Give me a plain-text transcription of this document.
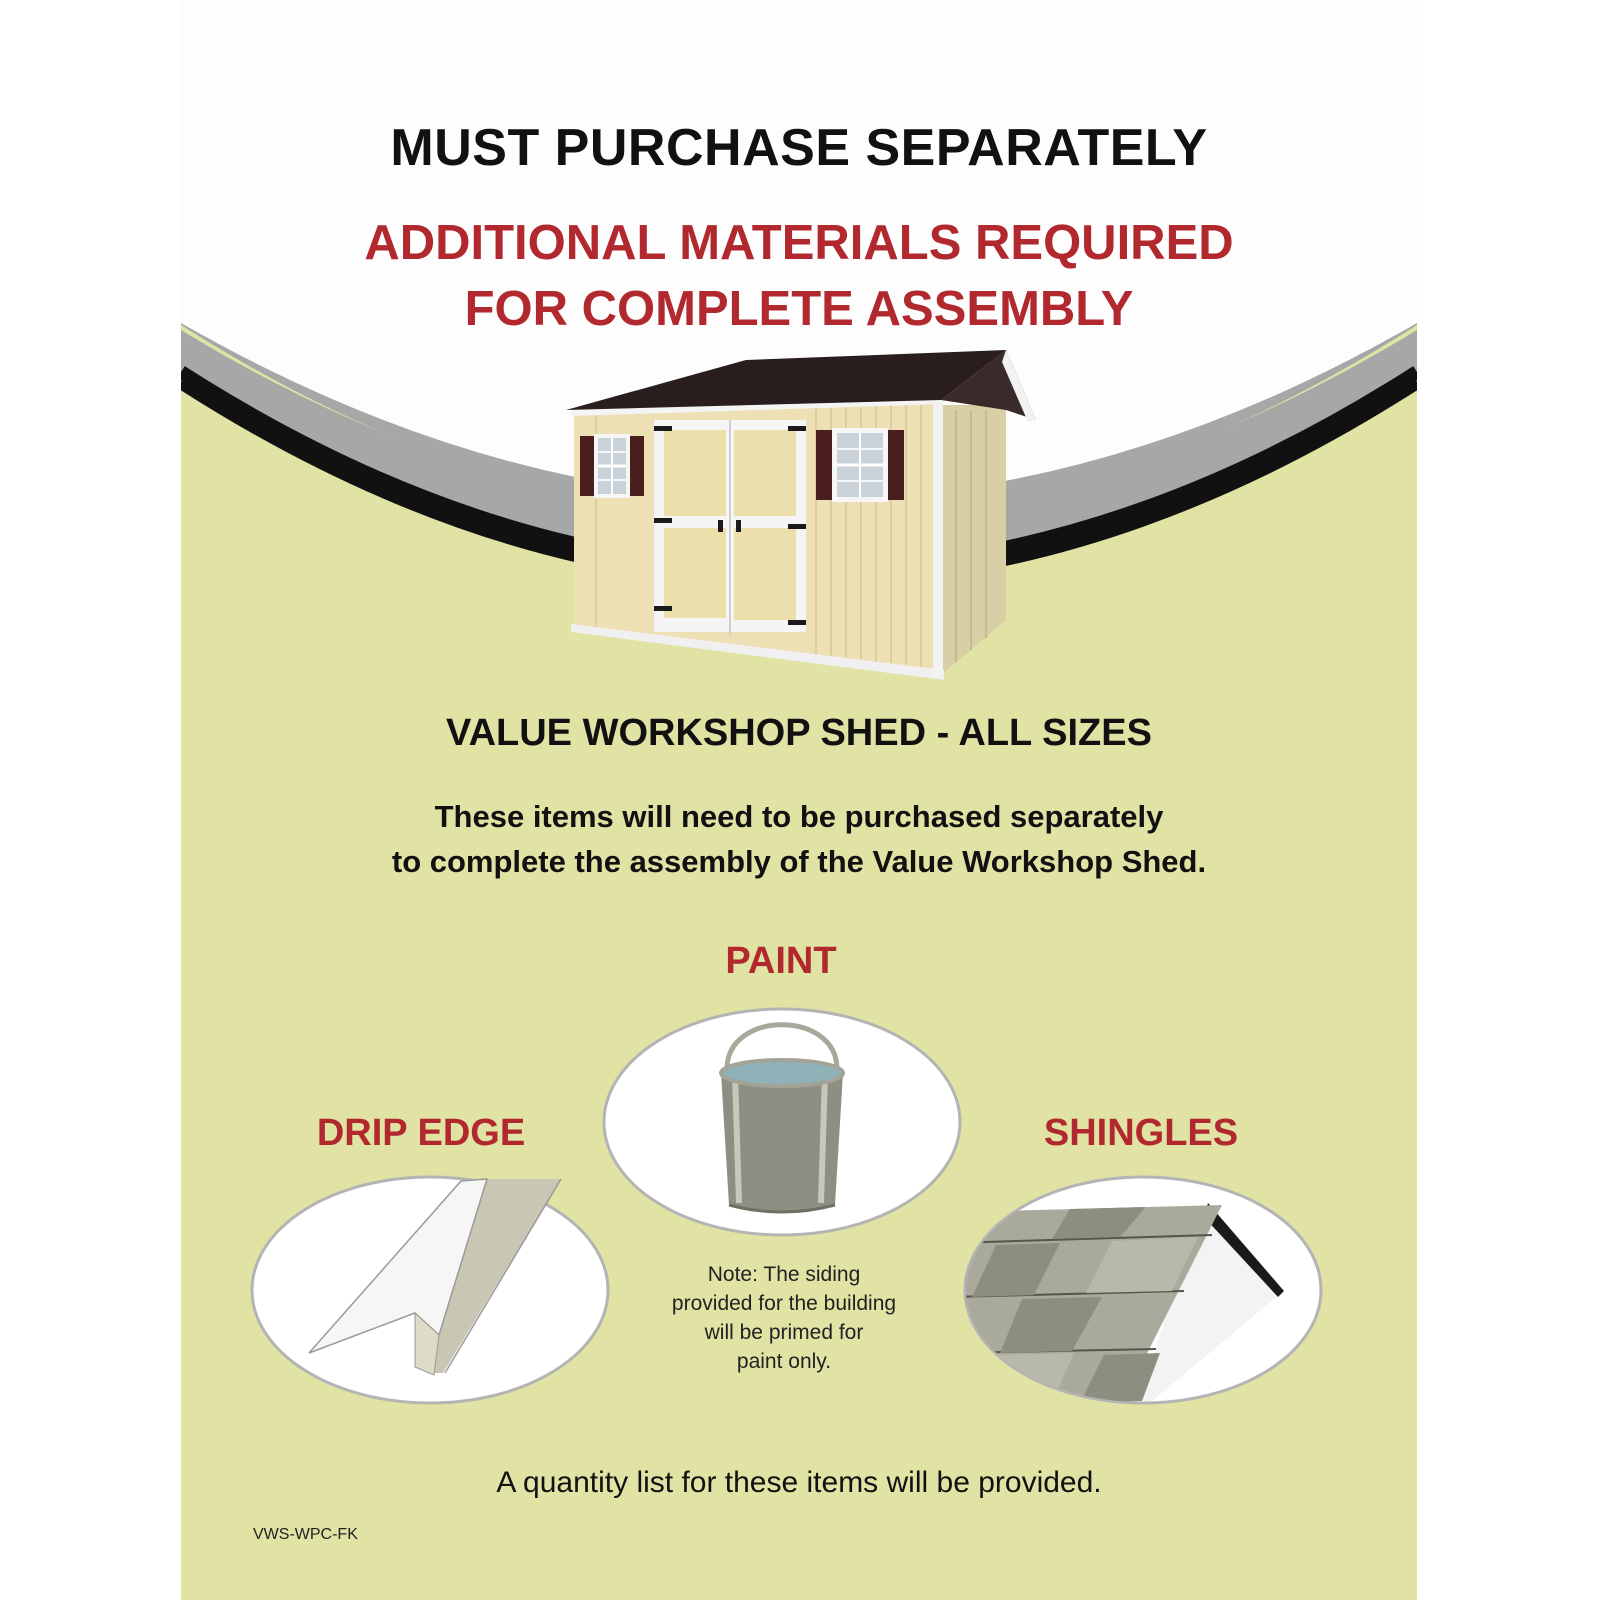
MUST PURCHASE SEPARATELY

ADDITIONAL MATERIALS REQUIRED
FOR COMPLETE ASSEMBLY

VALUE WORKSHOP SHED - ALL SIZES

These items will need to be purchased separately
to complete the assembly of the Value Workshop Shed.

PAINT

Note: The siding
provided for the building
will be primed for
paint only.

DRIP EDGE	SHINGLES

A quantity list for these items will be provided.

VWS-WPC-FK
